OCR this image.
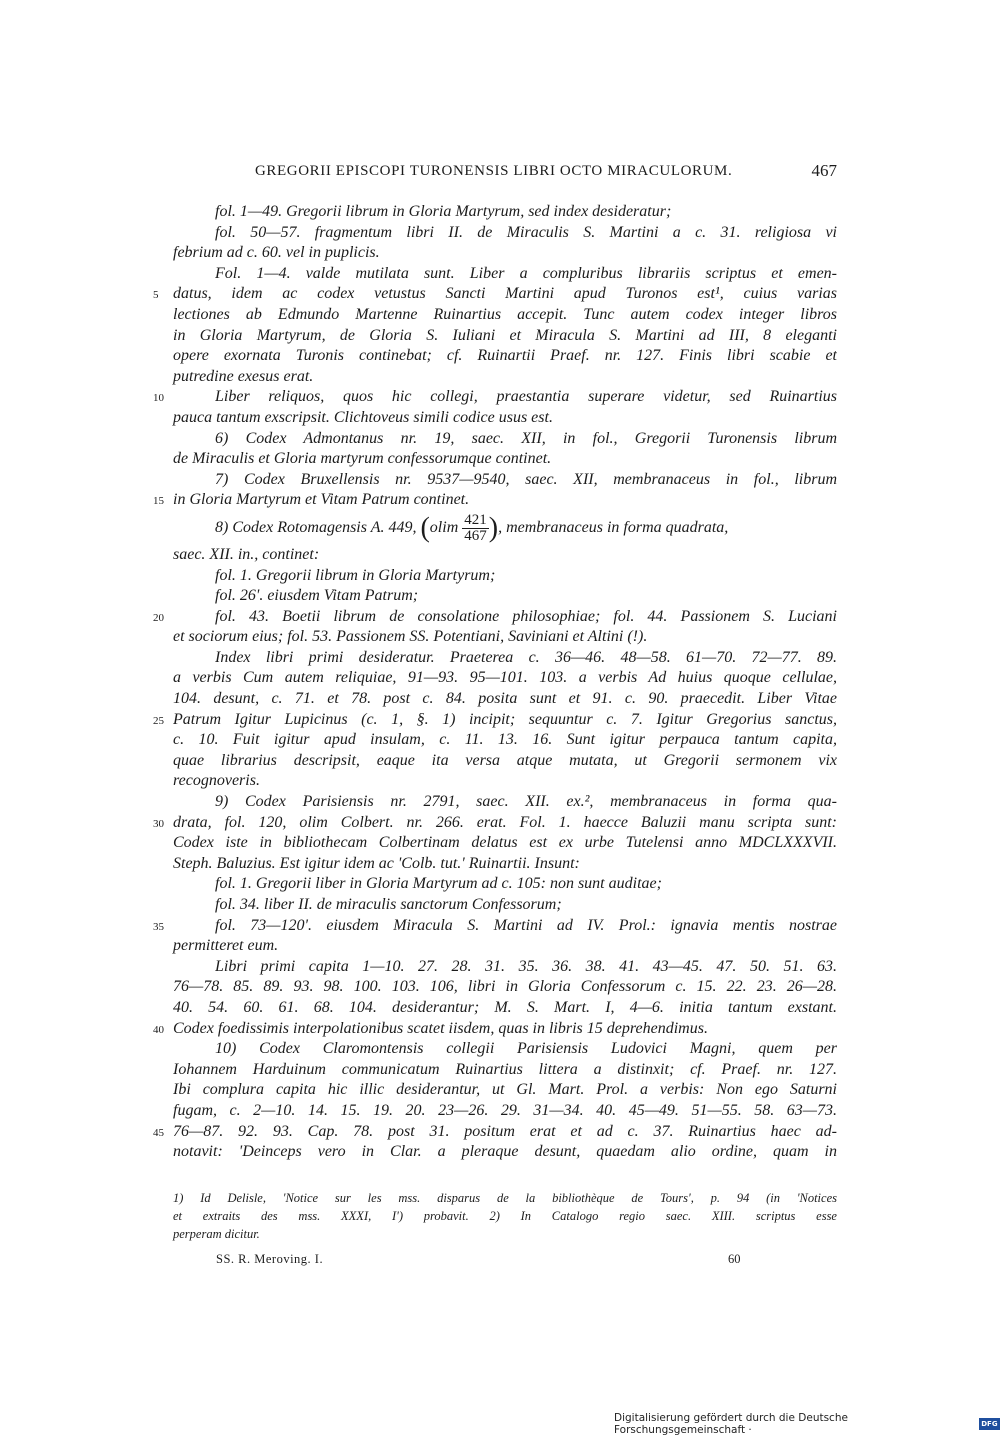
GREGORII EPISCOPI TURONENSIS LIBRI OCTO MIRACULORUM.	467
fol. 1—49. Gregorii librum in Gloria Martyrum, sed index desideratur;
fol. 50—57. fragmentum libri II. de Miraculis S. Martini a c. 31. religiosa vi
febrium ad c. 60. vel in puplicis.
Fol. 1—4. valde mutilata sunt. Liber a compluribus librariis scriptus et emen-
5 datus, idem ac codex vetustus Sancti Martini apud Turonos est¹, cuius varias
lectiones ab Edmundo Martenne Ruinartius accepit. Tunc autem codex integer libros
in Gloria Martyrum, de Gloria S. Iuliani et Miracula S. Martini ad III, 8 eleganti
opere exornata Turonis continebat; cf. Ruinartii Praef. nr. 127. Finis libri scabie et
putredine exesus erat.
10	Liber reliquos, quos hic collegi, praestantia superare videtur, sed Ruinartius
pauca tantum exscripsit. Clichtoveus simili codice usus est.
6) Codex Admontanus nr. 19, saec. XII, in fol., Gregorii Turonensis librum
de Miraculis et Gloria martyrum confessorumque continet.
7) Codex Bruxellensis nr. 9537—9540, saec. XII, membranaceus in fol., librum
15 in Gloria Martyrum et Vitam Patrum continet.
8) Codex Rotomagensis A. 449, ($olim \frac{421}{467}$ ), membranaceus in forma quadrata,
saec. XII. in., continet:
fol. 1. Gregorii librum in Gloria Martyrum;
fol. 26'. eiusdem Vitam Patrum;
20	fol. 43. Boetii librum de consolatione philosophiae; fol. 44. Passionem S. Luciani
et sociorum eius; fol. 53. Passionem SS. Potentiani, Saviniani et Altini (!).
Index libri primi desideratur. Praeterea c. 36—46. 48—58. 61—70. 72—77. 89.
a verbis Cum autem reliquiae, 91—93. 95—101. 103. a verbis Ad huius quoque cellulae,
104. desunt, c. 71. et 78. post c. 84. posita sunt et 91. c. 90. praecedit. Liber Vitae
25 Patrum Igitur Lupicinus (c. 1, §. 1) incipit; sequuntur c. 7. Igitur Gregorius sanctus,
c. 10. Fuit igitur apud insulam, c. 11. 13. 16. Sunt igitur perpauca tantum capita,
quae librarius descripsit, eaque ita versa atque mutata, ut Gregorii sermonem vix
recognoveris.
9) Codex Parisiensis nr. 2791, saec. XII. ex.², membranaceus in forma qua-
30 drata, fol. 120, olim Colbert. nr. 266. erat. Fol. 1. haecce Baluzii manu scripta sunt:
Codex iste in bibliothecam Colbertinam delatus est ex urbe Tutelensi anno MDCLXXXVII.
Steph. Baluzius. Est igitur idem ac 'Colb. tut.' Ruinartii. Insunt:
fol. 1. Gregorii liber in Gloria Martyrum ad c. 105: non sunt auditae;
fol. 34. liber II. de miraculis sanctorum Confessorum;
35	fol. 73—120'. eiusdem Miracula S. Martini ad IV. Prol.: ignavia mentis nostrae
permitteret eum.
Libri primi capita 1—10. 27. 28. 31. 35. 36. 38. 41. 43—45. 47. 50. 51. 63.
76—78. 85. 89. 93. 98. 100. 103. 106, libri in Gloria Confessorum c. 15. 22. 23. 26—28.
40. 54. 60. 61. 68. 104. desiderantur; M. S. Mart. I, 4—6. initia tantum exstant.
40 Codex foedissimis interpolationibus scatet iisdem, quas in libris 15 deprehendimus.
10) Codex Claromontensis collegii Parisiensis Ludovici Magni, quem per
Iohannem Harduinum communicatum Ruinartius littera a distinxit; cf. Praef. nr. 127.
Ibi complura capita hic illic desiderantur, ut Gl. Mart. Prol. a verbis: Non ego Saturni
fugam, c. 2—10. 14. 15. 19. 20. 23—26. 29. 31—34. 40. 45—49. 51—55. 58. 63—73.
45 76—87. 92. 93. Cap. 78. post 31. positum erat et ad c. 37. Ruinartius haec ad-
notavit: 'Deinceps vero in Clar. a pleraque desunt, quaedam alio ordine, quam in
1) Id Delisle, 'Notice sur les mss. disparus de la bibliothèque de Tours', p. 94 (in 'Notices
et extraits des mss. XXXI, I') probavit. 2) In Catalogo regio saec. XIII. scriptus esse
perperam dicitur.
SS. R. Meroving. I.	60
Digitalisierung gefördert durch die Deutsche Forschungsgemeinschaft ·	DFG
